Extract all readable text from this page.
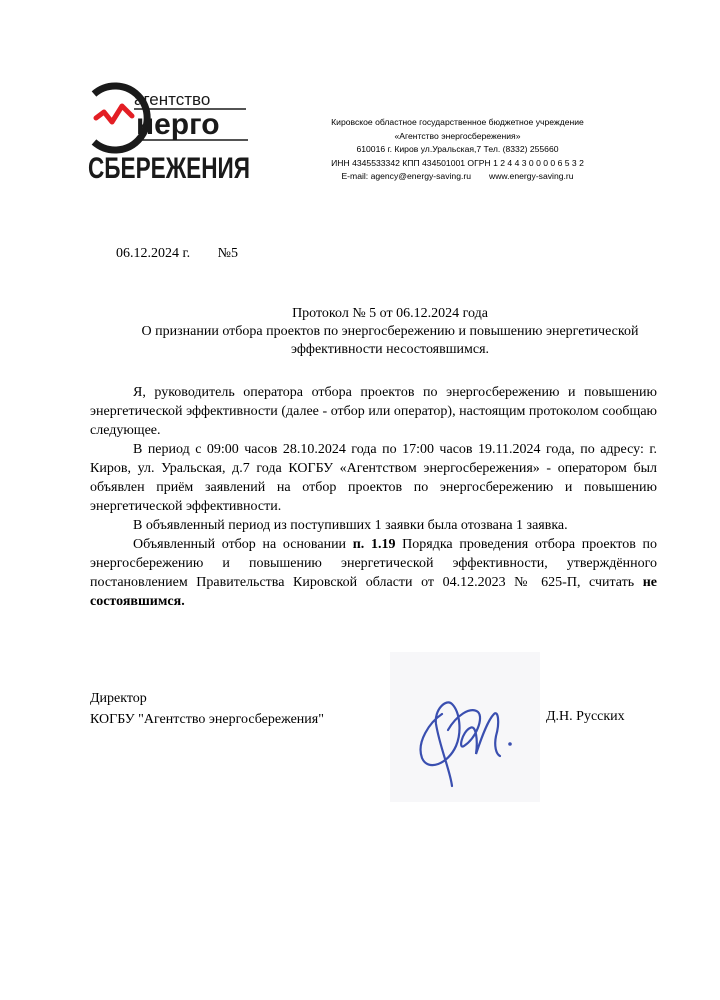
агентство
нерго
СБЕРЕЖЕНИЯ
Кировское областное государственное бюджетное учреждение
«Агентство энергосбережения»
610016 г. Киров ул.Уральская,7 Тел. (8332) 255660
ИНН 4345533342 КПП 434501001 ОГРН 1 2 4 4 3 0 0 0 0 6 5 3 2
E-mail: agency@energy-saving.ru www.energy-saving.ru
06.12.2024 г. №5
Протокол № 5 от 06.12.2024 года
О признании отбора проектов по энергосбережению и повышению энергетической
эффективности несостоявшимся.

Я, руководитель оператора отбора проектов по энергосбережению и повышению энергетической эффективности (далее - отбор или оператор), настоящим протоколом сообщаю следующее.

В период с 09:00 часов 28.10.2024 года по 17:00 часов 19.11.2024 года, по адресу: г. Киров, ул. Уральская, д.7 года КОГБУ «Агентством энергосбережения» - оператором был объявлен приём заявлений на отбор проектов по энергосбережению и повышению энергетической эффективности.

В объявленный период из поступивших 1 заявки была отозвана 1 заявка.

Объявленный отбор на основании п. 1.19 Порядка проведения отбора проектов по энергосбережению и повышению энергетической эффективности, утверждённого постановлением Правительства Кировской области от 04.12.2023 № 625-П, считать не состоявшимся.

Директор
КОГБУ "Агентство энергосбережения"	Д.Н. Русских
